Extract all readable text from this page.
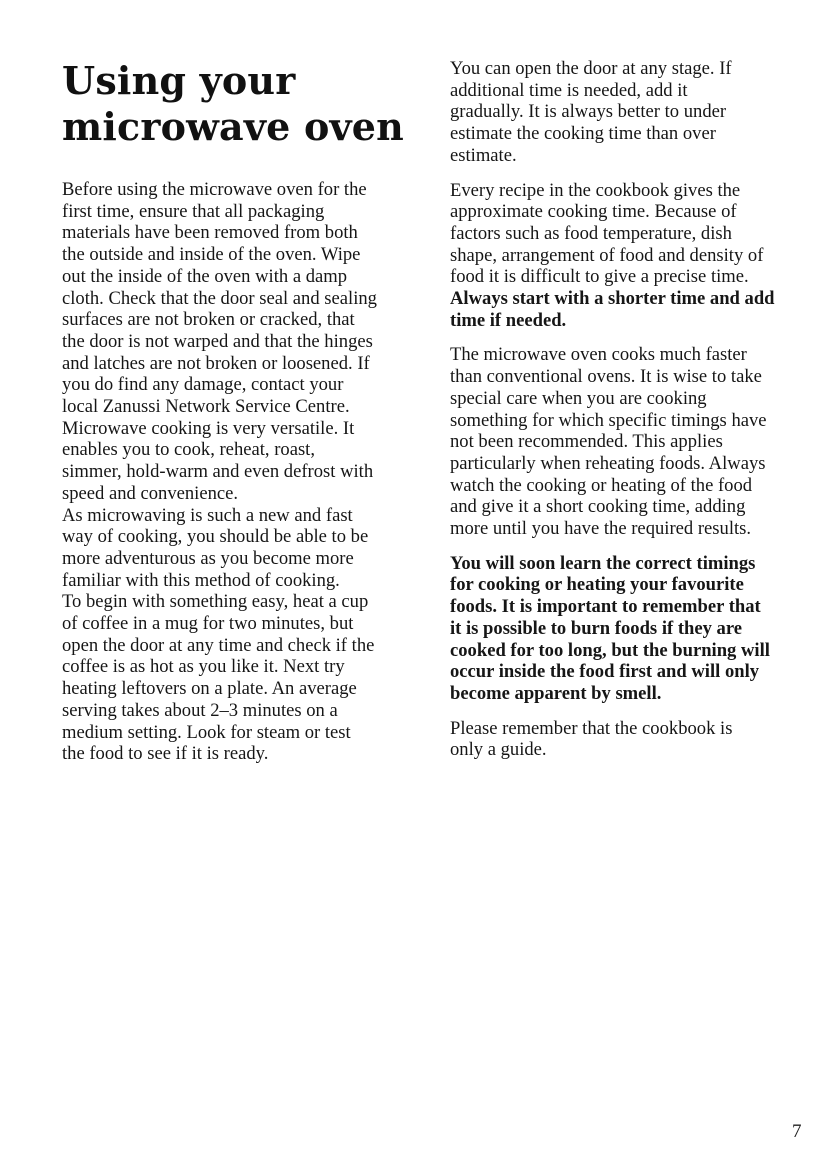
Using your
microwave oven

Before using the microwave oven for the
first time, ensure that all packaging
materials have been removed from both
the outside and inside of the oven. Wipe
out the inside of the oven with a damp
cloth. Check that the door seal and sealing
surfaces are not broken or cracked, that
the door is not warped and that the hinges
and latches are not broken or loosened. If
you do find any damage, contact your
local Zanussi Network Service Centre.
Microwave cooking is very versatile. It
enables you to cook, reheat, roast,
simmer, hold-warm and even defrost with
speed and convenience.
As microwaving is such a new and fast
way of cooking, you should be able to be
more adventurous as you become more
familiar with this method of cooking.
To begin with something easy, heat a cup
of coffee in a mug for two minutes, but
open the door at any time and check if the
coffee is as hot as you like it. Next try
heating leftovers on a plate. An average
serving takes about 2–3 minutes on a
medium setting. Look for steam or test
the food to see if it is ready.

You can open the door at any stage. If
additional time is needed, add it
gradually. It is always better to under
estimate the cooking time than over
estimate.

Every recipe in the cookbook gives the
approximate cooking time. Because of
factors such as food temperature, dish
shape, arrangement of food and density of
food it is difficult to give a precise time.
Always start with a shorter time and add
time if needed.

The microwave oven cooks much faster
than conventional ovens. It is wise to take
special care when you are cooking
something for which specific timings have
not been recommended. This applies
particularly when reheating foods. Always
watch the cooking or heating of the food
and give it a short cooking time, adding
more until you have the required results.

You will soon learn the correct timings
for cooking or heating your favourite
foods. It is important to remember that
it is possible to burn foods if they are
cooked for too long, but the burning will
occur inside the food first and will only
become apparent by smell.

Please remember that the cookbook is
only a guide.

7
